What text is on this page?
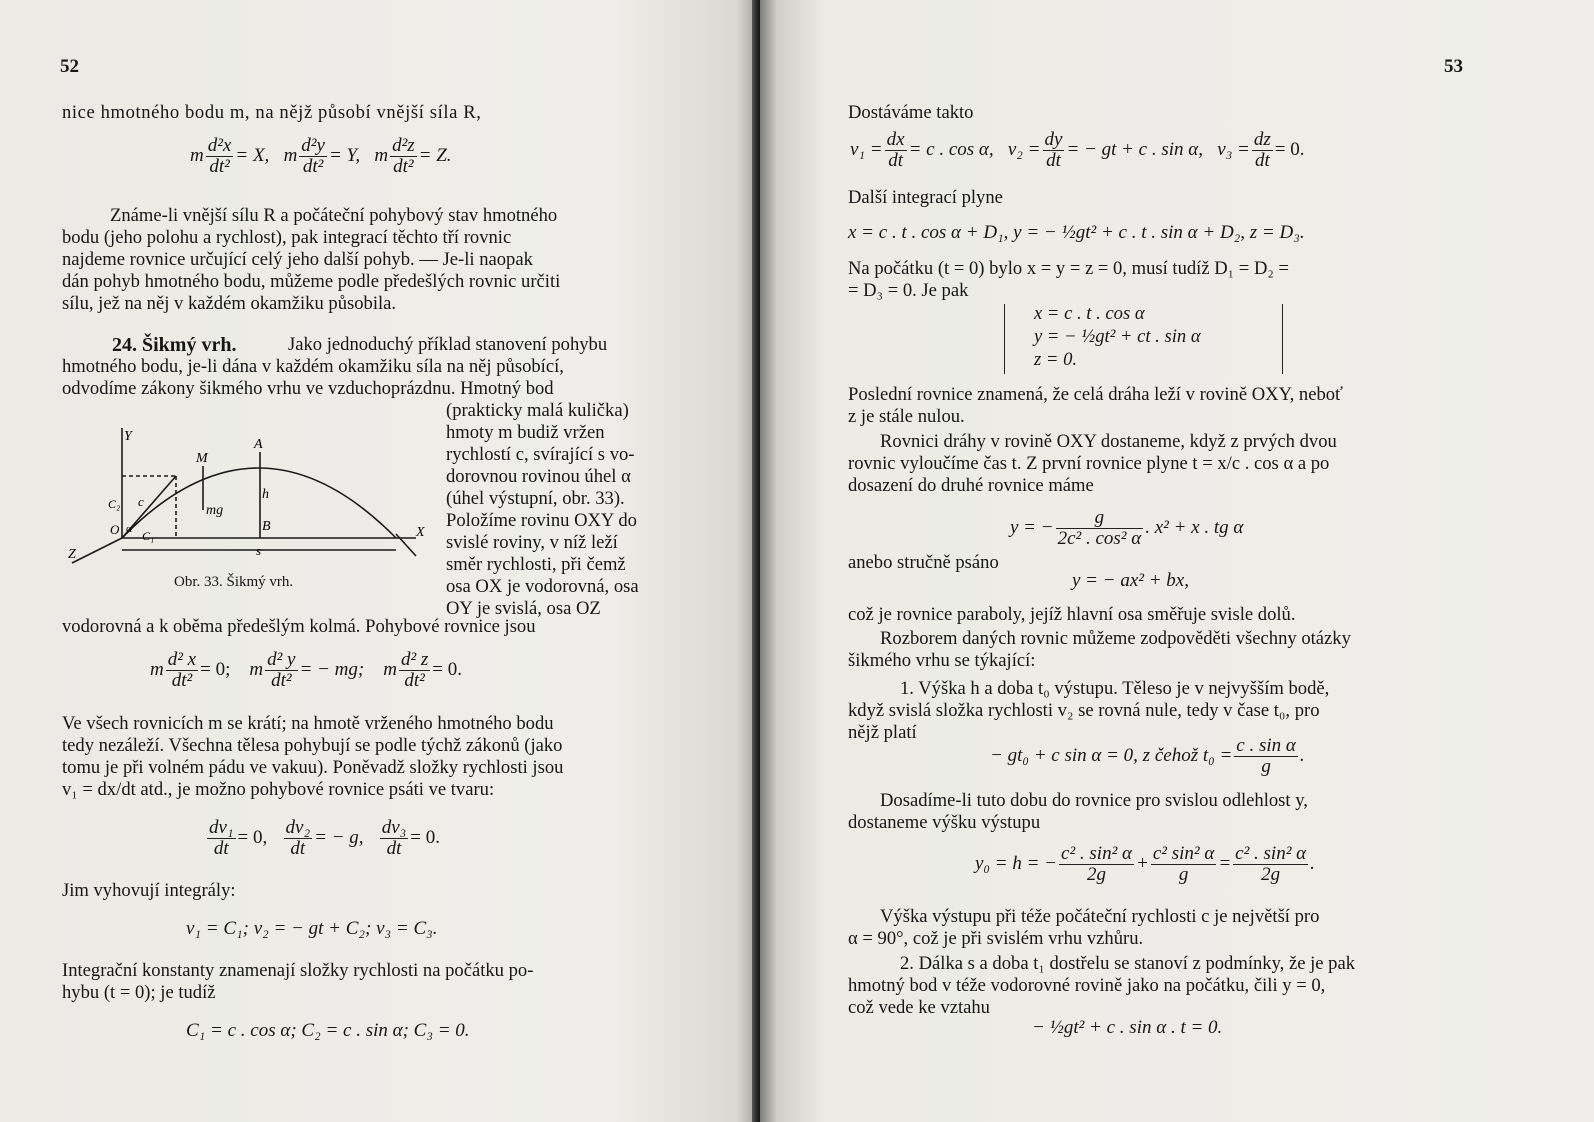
52
nice hmotného bodu m, na nějž působí vnější síla R,
m $\frac{\text{d²x}}{\text{dt²}} = X$, m $\frac{\text{d²y}}{\text{dt²}} = Y$, m $\frac{\text{d²z}}{\text{dt²}} = Z$.
Známe-li vnější sílu R a počáteční pohybový stav hmotného
bodu (jeho polohu a rychlost), pak integrací těchto tří rovnic
najdeme rovnice určující celý jeho další pohyb. — Je-li naopak
dán pohyb hmotného bodu, můžeme podle předešlých rovnic určiti
sílu, jež na něj v každém okamžiku působila.
24. Šikmý vrh.	Jako jednoduchý příklad stanovení pohybu
hmotného bodu, je-li dána v každém okamžiku síla na něj působící,
odvodíme zákony šikmého vrhu ve vzduchoprázdnu. Hmotný bod
(prakticky malá kulička)
hmoty m budiž vržen
rychlostí c, svírající s vo-
dorovnou rovinou úhel α
(úhel výstupní, obr. 33).
Položíme rovinu OXY do
svislé roviny, v níž leží
směr rychlosti, při čemž
osa OX je vodorovná, osa
OY je svislá, osa OZ
Y
A
M
mg
h
B
c
C₁
C₂
O α	X
Z	s
Obr. 33. Šikmý vrh.
vodorovná a k oběma předešlým kolmá. Pohybové rovnice jsou
m $\frac{\text{d² x}}{\text{dt²}} = 0$; m $\frac{\text{d² y}}{\text{dt²}}$ = − mg; m $\frac{\text{d² z}}{\text{dt²}} = 0$.
Ve všech rovnicích m se krátí; na hmotě vrženého hmotného bodu
tedy nezáleží. Všechna tělesa pohybují se podle týchž zákonů (jako
tomu je při volném pádu ve vakuu). Poněvadž složky rychlosti jsou
v₁ = dx/dt atd., je možno pohybové rovnice psáti ve tvaru:
$\frac{\text{dv₁}}{dt} = 0$, $\frac{\text{dv₂}}{dt}$ = − g, $\frac{\text{dv₃}}{dt} = 0$.
Jim vyhovují integrály:
v₁ = C₁; v₂ = − gt + C₂; v₃ = C₃.
Integrační konstanty znamenají složky rychlosti na počátku po-
hybu (t = 0); je tudíž
C₁ = c . cos α; C₂ = c . sin α; C₃ = 0.
53
Dostáváme takto
$v_1 = \frac{dx}{dt} = c$ . cos α, $v_2 = \frac{dy}{dt}$ = − gt + c . sin α, $v_3 = \frac{dz}{dt} = 0$.
Další integrací plyne
x = c . t . cos α + D₁, y = − ½gt² + c . t . sin α + D₂, z = D₃.
Na počátku (t = 0) bylo x = y = z = 0, musí tudíž D₁ = D₂ =
= D₃ = 0. Je pak
x = c . t . cos α
y = − ½gt² + ct . sin α
z = 0.
Poslední rovnice znamená, že celá dráha leží v rovině OXY, neboť
z je stále nulou.
Rovnici dráhy v rovině OXY dostaneme, když z prvých dvou
rovnic vyloučíme čas t. Z první rovnice plyne t = x/c . cos α a po
dosazení do druhé rovnice máme
y = − $\frac{g}{\text{2c² . cos² α}}$ . x² + x . tg α
anebo stručně psáno
y = − ax² + bx,
což je rovnice paraboly, jejíž hlavní osa směřuje svisle dolů.
Rozborem daných rovnic můžeme zodpověděti všechny otázky
šikmého vrhu se týkající:
1. Výška h a doba t₀ výstupu. Těleso je v nejvyšším bodě,
když svislá složka rychlosti v₂ se rovná nule, tedy v čase t₀, pro
nějž platí
− gt₀ + c sin α = 0, z čehož $t_0 = \frac{\text{c . sin α}}{g}$ .
Dosadíme-li tuto dobu do rovnice pro svislou odlehlost y,
dostaneme výšku výstupu
y₀ = h = − $\frac{\text{c² . sin² α}}{2g} + \frac{\text{c² sin² α}}{g} = \frac{\text{c² . sin² α}}{2g}$ .
Výška výstupu při téže počáteční rychlosti c je největší pro
α = 90°, což je při svislém vrhu vzhůru.
2. Dálka s a doba t₁ dostřelu se stanoví z podmínky, že je pak
hmotný bod v téže vodorovné rovině jako na počátku, čili y = 0,
což vede ke vztahu
− ½gt² + c . sin α . t = 0.
